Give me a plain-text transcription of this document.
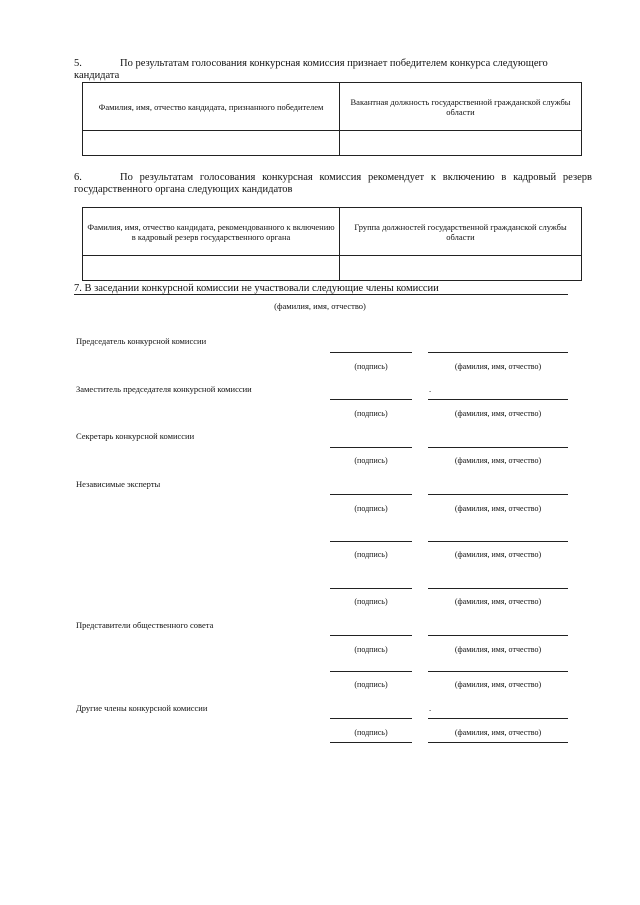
5.	По результатам голосования конкурсная комиссия признает победителем конкурса следующего
кандидата
Фамилия, имя, отчество кандидата, признанного победителем	Вакантная должность государственной гражданской службы области

6.	По результатам голосования конкурсная комиссия рекомендует к включению в кадровый резерв
государственного органа следующих кандидатов
Фамилия, имя, отчество кандидата, рекомендованного к включению в кадровый резерв государственного органа	Группа должностей государственной гражданской службы области

7. В заседании конкурсной комиссии не участвовали следующие члены комиссии
(фамилия, имя, отчество)
Председатель конкурсной комиссии
(подпись)	(фамилия, имя, отчество)
Заместитель председателя конкурсной комиссии	.
(подпись)	(фамилия, имя, отчество)
Секретарь конкурсной комиссии
(подпись)	(фамилия, имя, отчество)
Независимые эксперты
(подпись)	(фамилия, имя, отчество)
(подпись)	(фамилия, имя, отчество)
(подпись)	(фамилия, имя, отчество)
Представители общественного совета
(подпись)	(фамилия, имя, отчество)
(подпись)	(фамилия, имя, отчество)
Другие члены конкурсной комиссии	.
(подпись)	(фамилия, имя, отчество)
